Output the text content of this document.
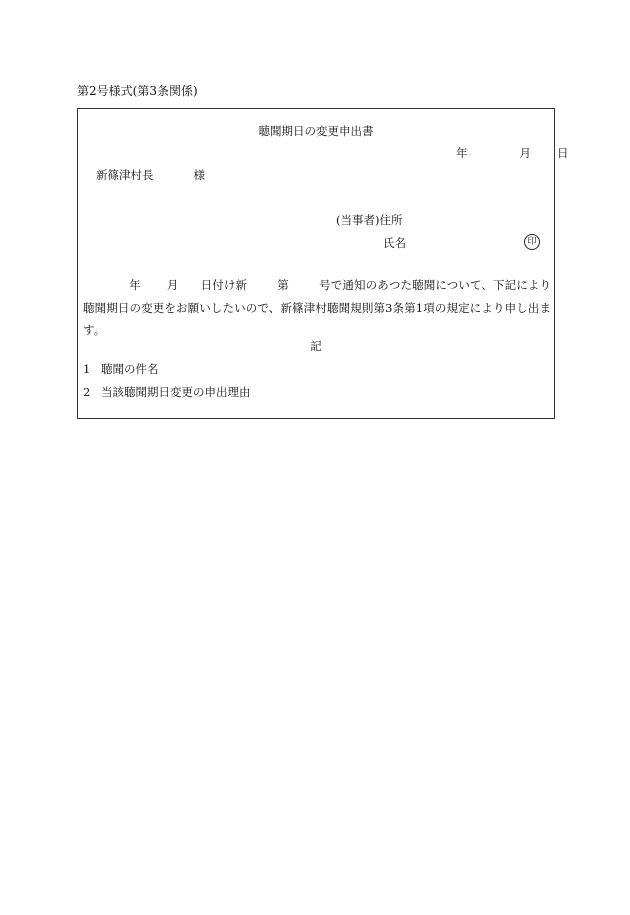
第2号様式(第3条関係)
聴聞期日の変更申出書
年	月 日
新篠津村長	様
(当事者)住所
氏名	印
年 月 日付け新	第	号で通知のあつた聴聞について、下記により聴聞期日の変更をお願いしたいので、新篠津村聴聞規則第3条第1項の規定により申し出ます。
記
1 聴聞の件名
2 当該聴聞期日変更の申出理由
